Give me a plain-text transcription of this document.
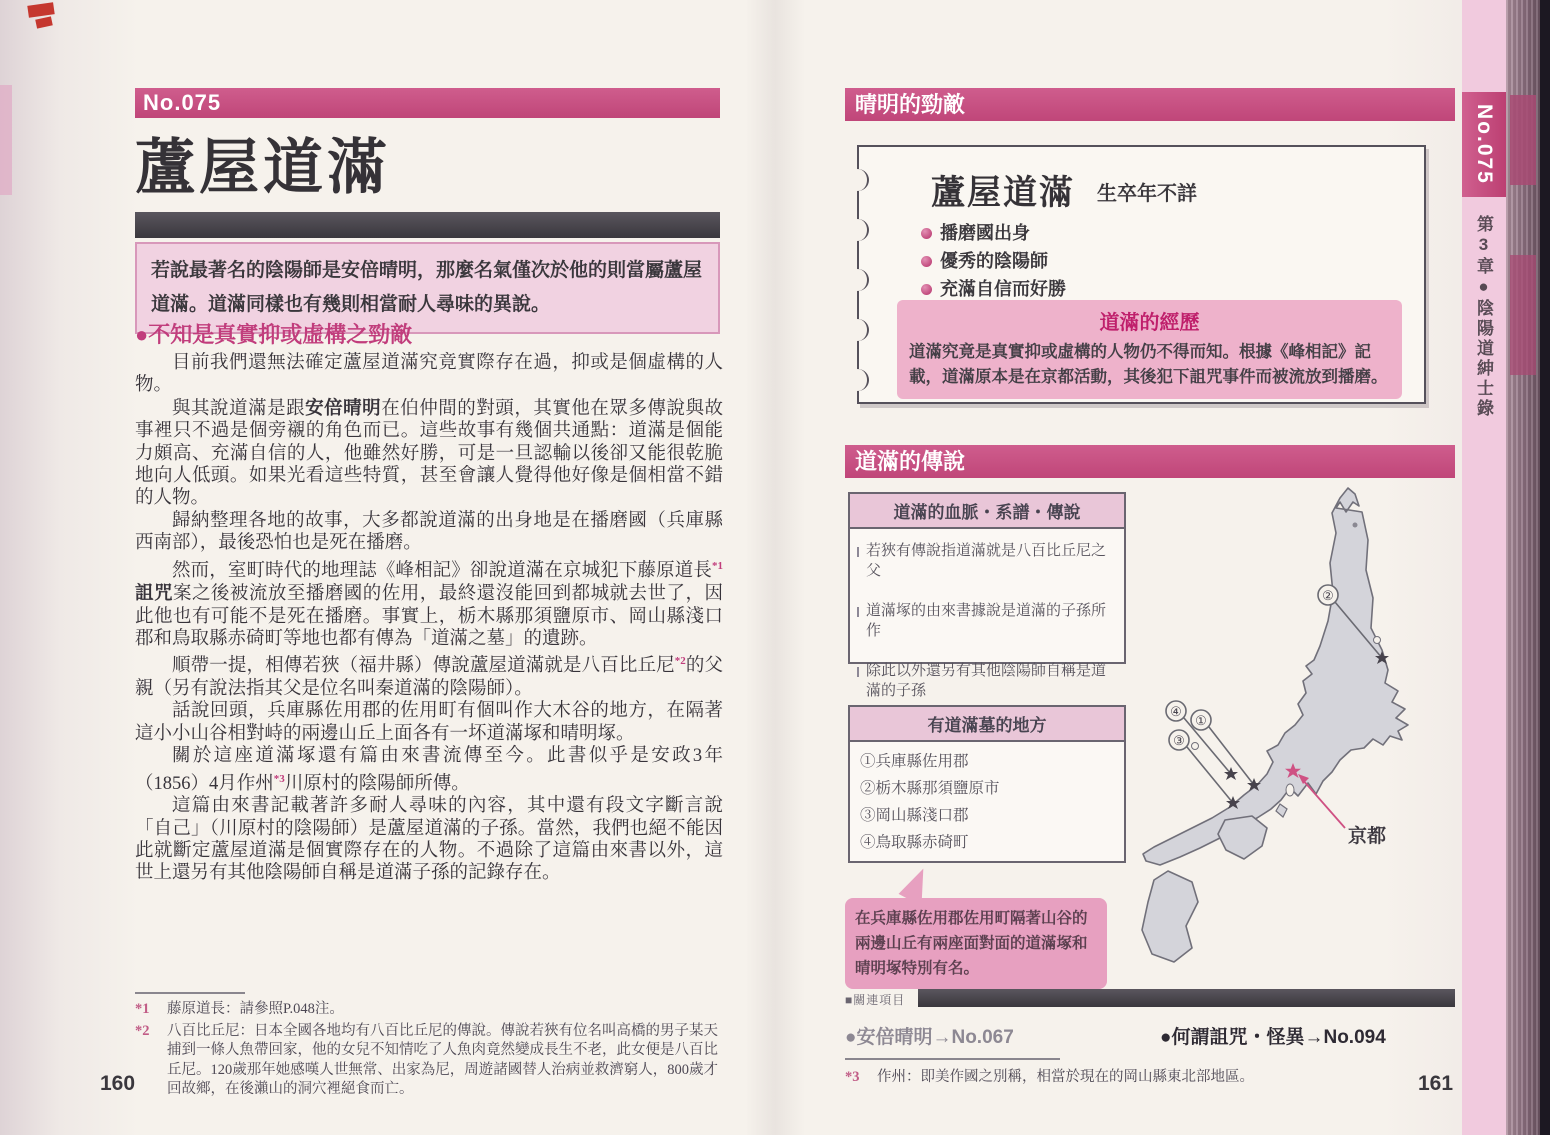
No.075
蘆屋道滿
若說最著名的陰陽師是安倍晴明，那麼名氣僅次於他的則當屬蘆屋道滿。道滿同樣也有幾則相當耐人尋味的異說。
●不知是真實抑或虛構之勁敵

目前我們還無法確定蘆屋道滿究竟實際存在過，抑或是個虛構的人物。

與其說道滿是跟安倍晴明在伯仲間的對頭，其實他在眾多傳說與故事裡只不過是個旁襯的角色而已。這些故事有幾個共通點：道滿是個能力頗高、充滿自信的人，他雖然好勝，可是一旦認輸以後卻又能很乾脆地向人低頭。如果光看這些特質，甚至會讓人覺得他好像是個相當不錯的人物。

歸納整理各地的故事，大多都說道滿的出身地是在播磨國（兵庫縣西南部），最後恐怕也是死在播磨。

然而，室町時代的地理誌《峰相記》卻說道滿在京城犯下藤原道長$^{*1}$詛咒案之後被流放至播磨國的佐用，最終還沒能回到都城就去世了，因此他也有可能不是死在播磨。事實上，栃木縣那須鹽原市、岡山縣淺口郡和鳥取縣赤碕町等地也都有傳為「道滿之墓」的遺跡。

順帶一提，相傳若狹（福井縣）傳說蘆屋道滿就是八百比丘尼$^{*2}$的父親（另有說法指其父是位名叫秦道滿的陰陽師）。

話說回頭，兵庫縣佐用郡的佐用町有個叫作大木谷的地方，在隔著這小小山谷相對峙的兩邊山丘上面各有一坏道滿塚和晴明塚。

關於這座道滿塚還有篇由來書流傳至今。此書似乎是安政3年（1856）4月作州$^{*3}$川原村的陰陽師所傳。

這篇由來書記載著許多耐人尋味的內容，其中還有段文字斷言說「自己」（川原村的陰陽師）是蘆屋道滿的子孫。當然，我們也絕不能因此就斷定蘆屋道滿是個實際存在的人物。不過除了這篇由來書以外，這世上還另有其他陰陽師自稱是道滿子孫的記錄存在。

*1	藤原道長：請參照P.048注。
*2	八百比丘尼：日本全國各地均有八百比丘尼的傳說。傳說若狹有位名叫高橋的男子某天捕到一條人魚帶回家，他的女兒不知情吃了人魚肉竟然變成長生不老，此女便是八百比丘尼。120歲那年她感嘆人世無常、出家為尼，周遊諸國替人治病並救濟窮人，800歲才回故鄉，在後瀨山的洞穴裡絕食而亡。
160
晴明的勁敵
蘆屋道滿 生卒年不詳
播磨國出身
優秀的陰陽師
充滿自信而好勝
道滿的經歷
道滿究竟是真實抑或虛構的人物仍不得而知。根據《峰相記》記載，道滿原本是在京都活動，其後犯下詛咒事件而被流放到播磨。
道滿的傳說
道滿的血脈・系譜・傳說
若狹有傳說指道滿就是八百比丘尼之父
道滿塚的由來書據說是道滿的子孫所作
除此以外還另有其他陰陽師自稱是道滿的子孫
有道滿墓的地方
①兵庫縣佐用郡
②栃木縣那須鹽原市
③岡山縣淺口郡
④鳥取縣赤碕町
在兵庫縣佐用郡佐用町隔著山谷的兩邊山丘有兩座面對面的道滿塚和晴明塚特別有名。
④
①
③
②
京都
■關連項目
●安倍晴明→No.067	●何謂詛咒・怪異→No.094
*3	作州：即美作國之別稱，相當於現在的岡山縣東北部地區。	161
No.075
第3章●陰陽道紳士錄
